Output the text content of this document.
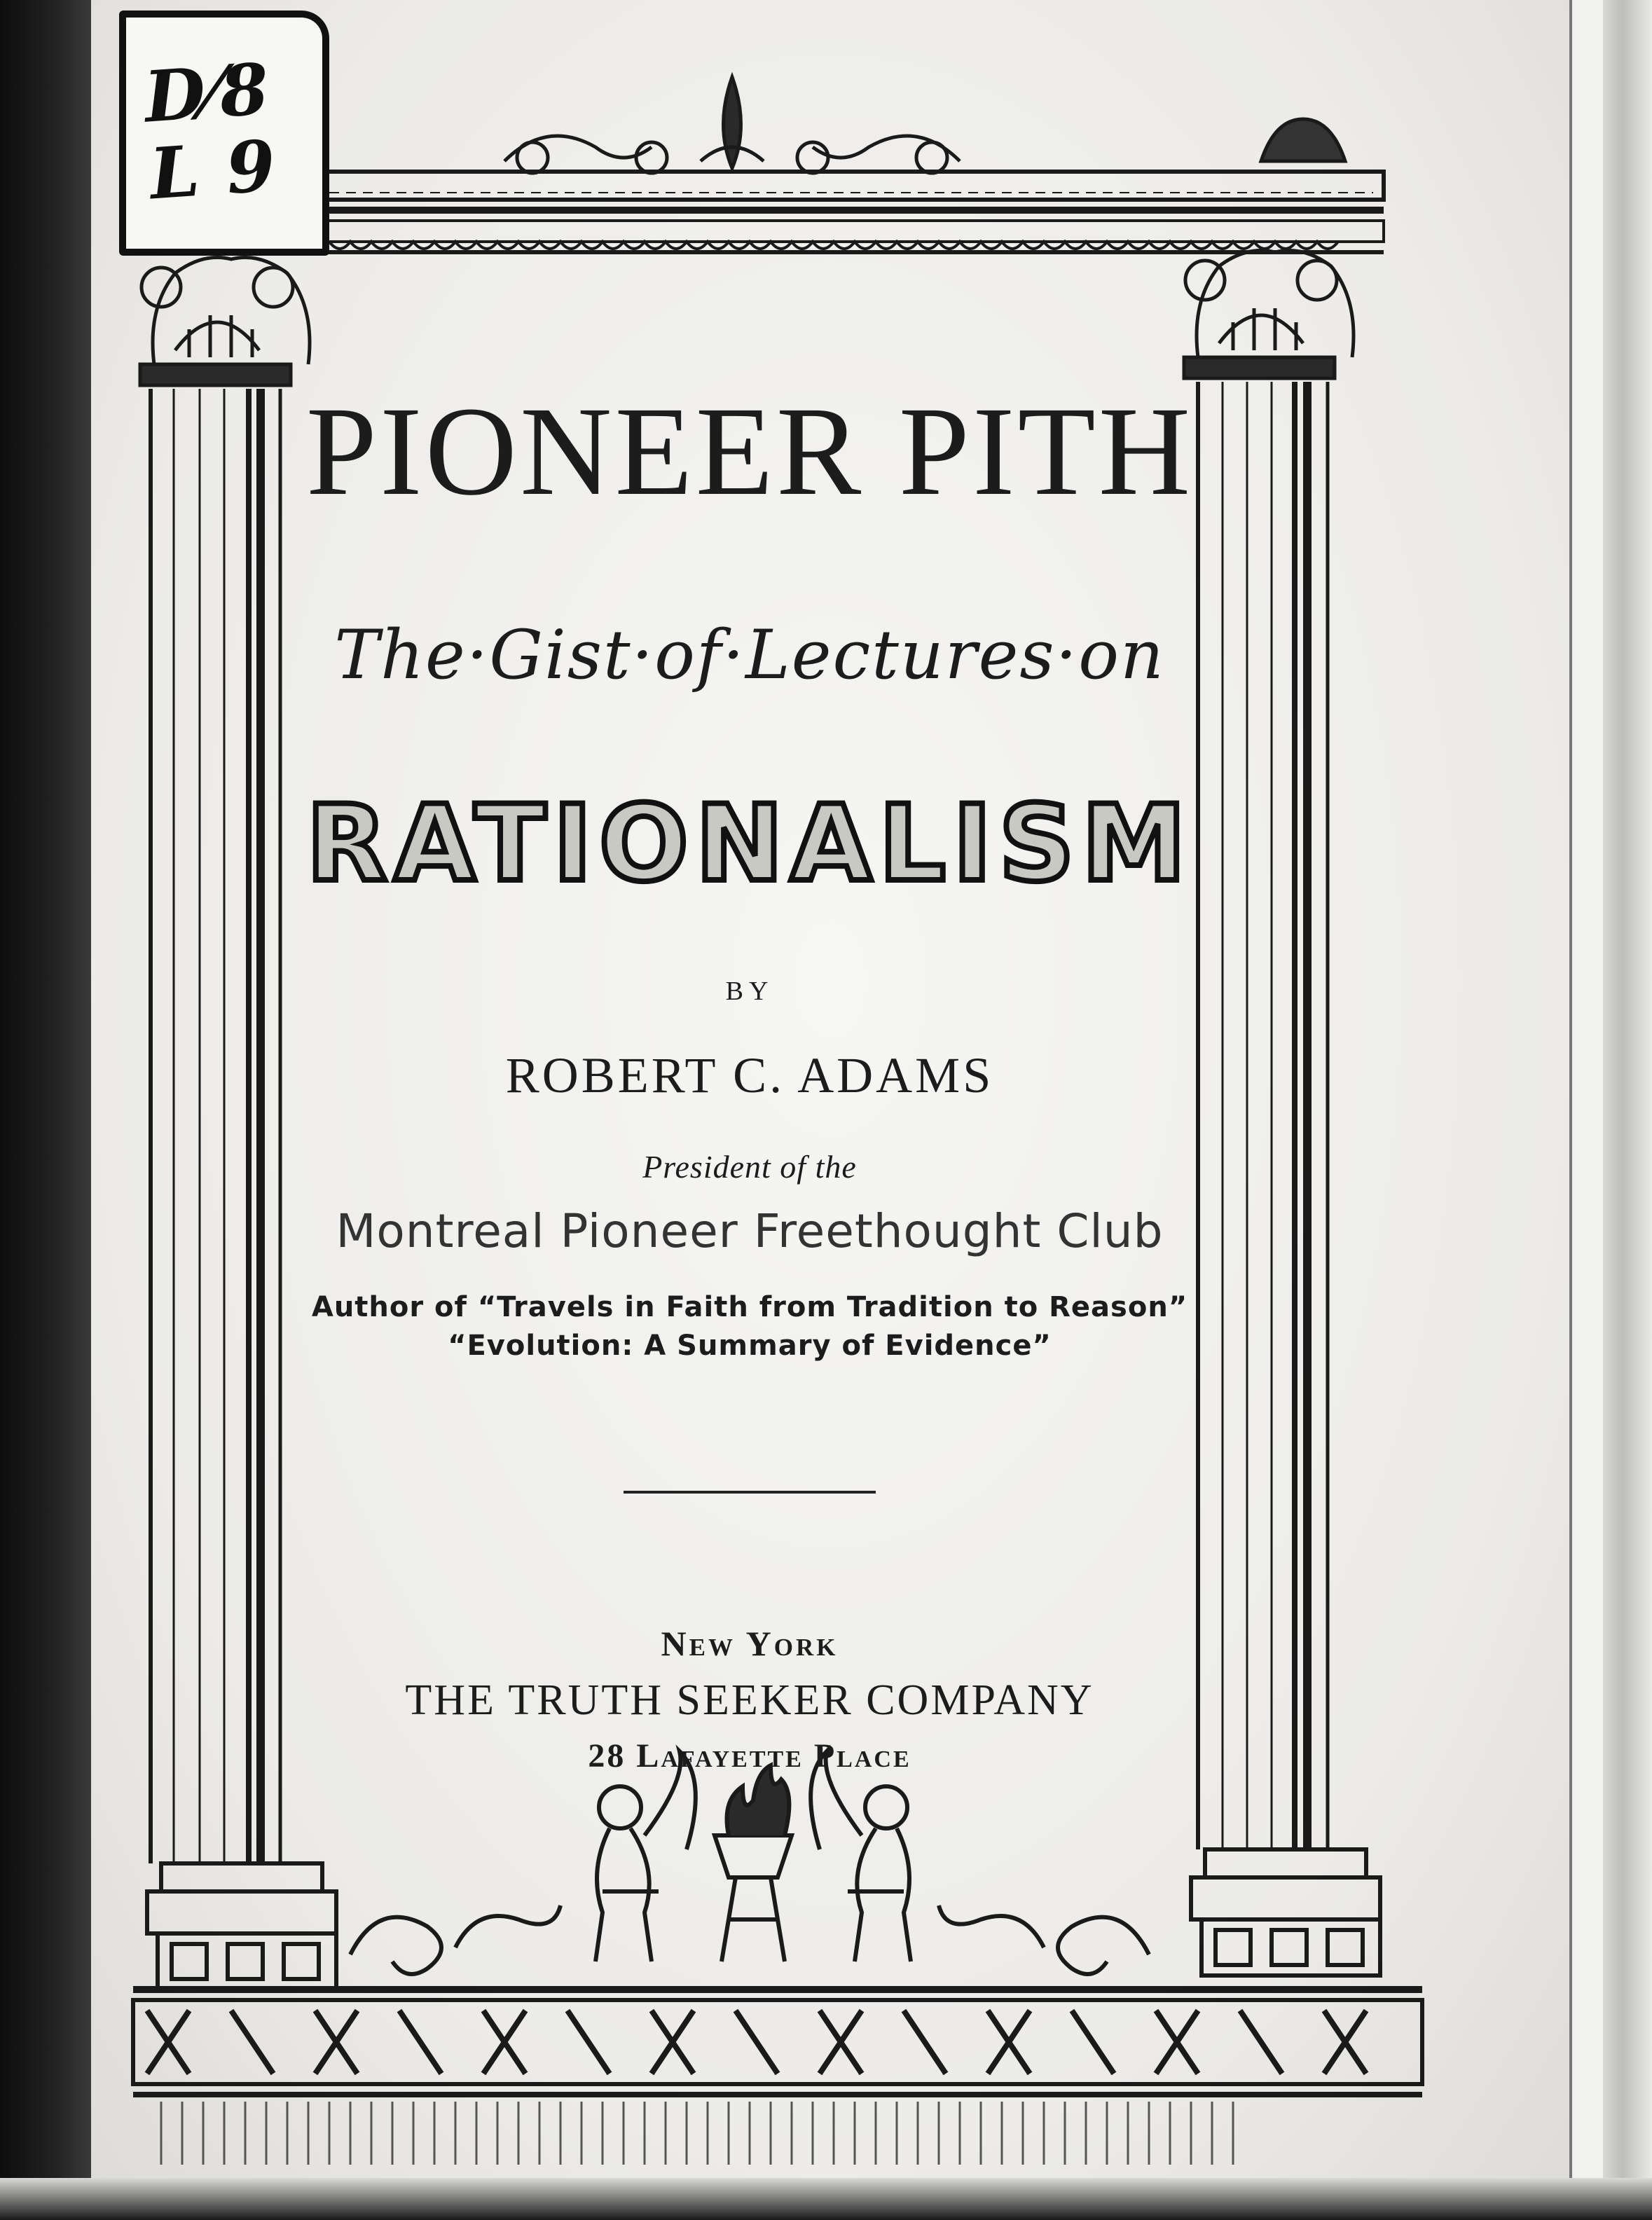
D⁄8 L 9
PIONEER PITH
The·Gist·of·Lectures·on
RATIONALISM
BY
ROBERT C. ADAMS
President of the
Montreal Pioneer Freethought Club
Author of “Travels in Faith from Tradition to Reason”
“Evolution: A Summary of Evidence”
New York
THE TRUTH SEEKER COMPANY
28 Lafayette Place
